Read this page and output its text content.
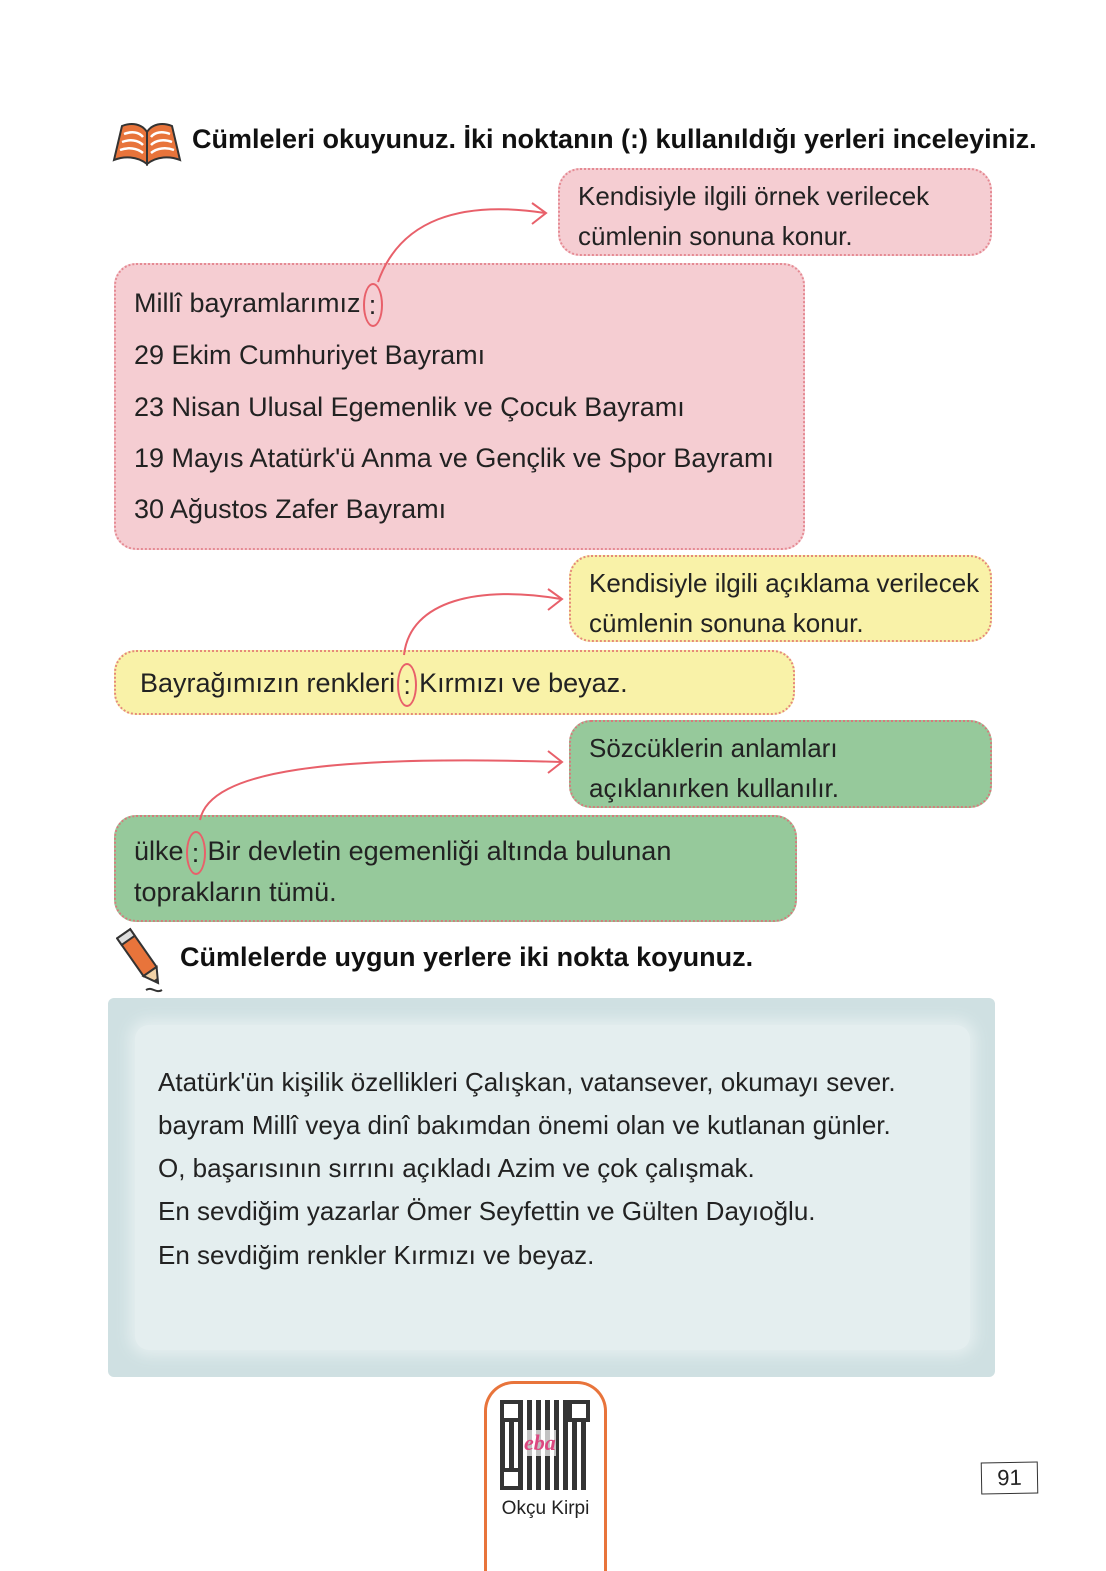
Cümleleri okuyunuz. İki noktanın (:) kullanıldığı yerleri inceleyiniz.
Kendisiyle ilgili örnek verilecek
cümlenin sonuna konur.
Millî bayramlarımız :
29 Ekim Cumhuriyet Bayramı
23 Nisan Ulusal Egemenlik ve Çocuk Bayramı
19 Mayıs Atatürk'ü Anma ve Gençlik ve Spor Bayramı
30 Ağustos Zafer Bayramı
Kendisiyle ilgili açıklama verilecek
cümlenin sonuna konur.
Bayrağımızın renkleri : Kırmızı ve beyaz.
Sözcüklerin anlamları
açıklanırken kullanılır.
ülke : Bir devletin egemenliği altında bulunan
toprakların tümü.
Cümlelerde uygun yerlere iki nokta koyunuz.
Atatürk'ün kişilik özellikleri Çalışkan, vatansever, okumayı sever.
bayram Millî veya dinî bakımdan önemi olan ve kutlanan günler.
O, başarısının sırrını açıkladı Azim ve çok çalışmak.
En sevdiğim yazarlar Ömer Seyfettin ve Gülten Dayıoğlu.
En sevdiğim renkler Kırmızı ve beyaz.
eba
Okçu Kirpi
91
